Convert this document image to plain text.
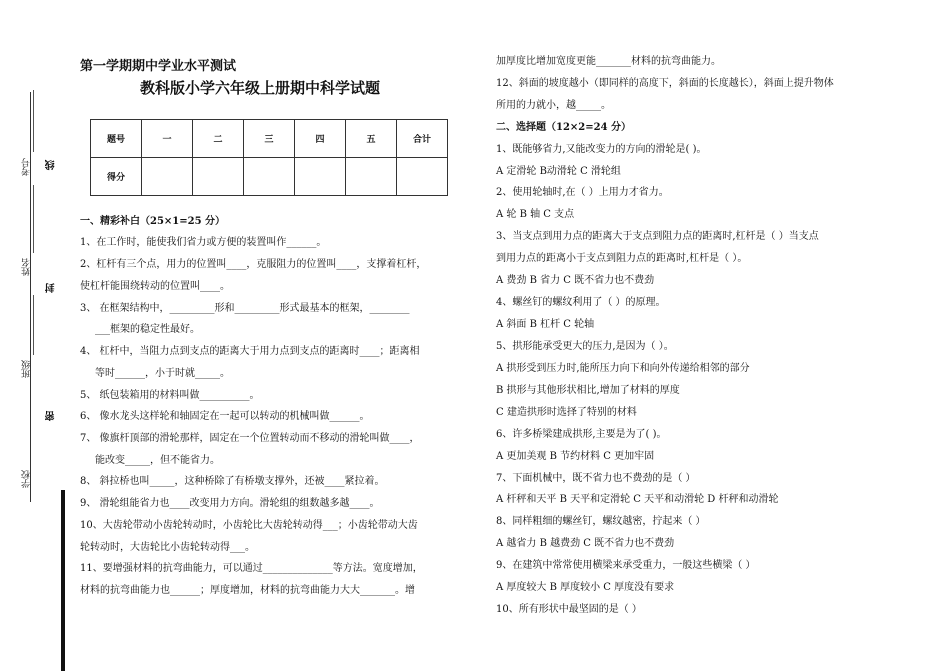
考号 线
姓名
封
班级
密
学校
第一学期期中学业水平测试
教科版小学六年级上册期中科学试题
题号	一	二	三	四	五	合计
得分						
一、精彩补白（25×1=25 分）
1、在工作时，能使我们省力或方便的装置叫作______。
2、杠杆有三个点，用力的位置叫____，克服阻力的位置叫____，支撑着杠杆，
使杠杆能围绕转动的位置叫____。
3、 在框架结构中，_________形和_________形式最基本的框架，________
___框架的稳定性最好。
4、 杠杆中，当阻力点到支点的距离大于用力点到支点的距离时____；距离相
等时______，小于时就_____。
5、 纸包装箱用的材料叫做__________。
6、 像水龙头这样轮和轴固定在一起可以转动的机械叫做______。
7、 像旗杆顶部的滑轮那样，固定在一个位置转动而不移动的滑轮叫做____，
能改变_____，但不能省力。
8、 斜拉桥也叫_____，这种桥除了有桥墩支撑外，还被____紧拉着。
9、 滑轮组能省力也____改变用力方向。滑轮组的组数越多越____。
10、大齿轮带动小齿轮转动时，小齿轮比大齿轮转动得___；小齿轮带动大齿
轮转动时，大齿轮比小齿轮转动得___。
11、要增强材料的抗弯曲能力，可以通过______________等方法。宽度增加，
材料的抗弯曲能力也______；厚度增加，材料的抗弯曲能力大大_______。增
加厚度比增加宽度更能_______材料的抗弯曲能力。
12、斜面的坡度越小（即同样的高度下，斜面的长度越长），斜面上提升物体
所用的力就小，越_____。
二、选择题（12×2=24 分）
1、既能够省力,又能改变力的方向的滑轮是( )。
A 定滑轮 B动滑轮 C 滑轮组
2、使用轮轴时,在（ ）上用力才省力。
A 轮 B 轴 C 支点
3、当支点到用力点的距离大于支点到阻力点的距离时,杠杆是（ ）当支点
到用力点的距离小于支点到阻力点的距离时,杠杆是（ ）。
A 费劲 B 省力 C 既不省力也不费劲
4、螺丝钉的螺纹利用了（ ）的原理。
A 斜面 B 杠杆 C 轮轴
5、拱形能承受更大的压力,是因为（ ）。
A 拱形受到压力时,能所压力向下和向外传递给相邻的部分
B 拱形与其他形状相比,增加了材料的厚度
C 建造拱形时选择了特别的材料
6、许多桥梁建成拱形,主要是为了( )。
A 更加美观 B 节约材料 C 更加牢固
7、下面机械中，既不省力也不费劲的是（ ）
A 杆秤和天平 B 天平和定滑轮 C 天平和动滑轮 D 杆秤和动滑轮
8、同样粗细的螺丝钉，螺纹越密，拧起来（ ）
A 越省力 B 越费劲 C 既不省力也不费劲
9、在建筑中常常使用横梁来承受重力，一般这些横梁（ ）
A 厚度较大 B 厚度较小 C 厚度没有要求
10、所有形状中最坚固的是（ ）
